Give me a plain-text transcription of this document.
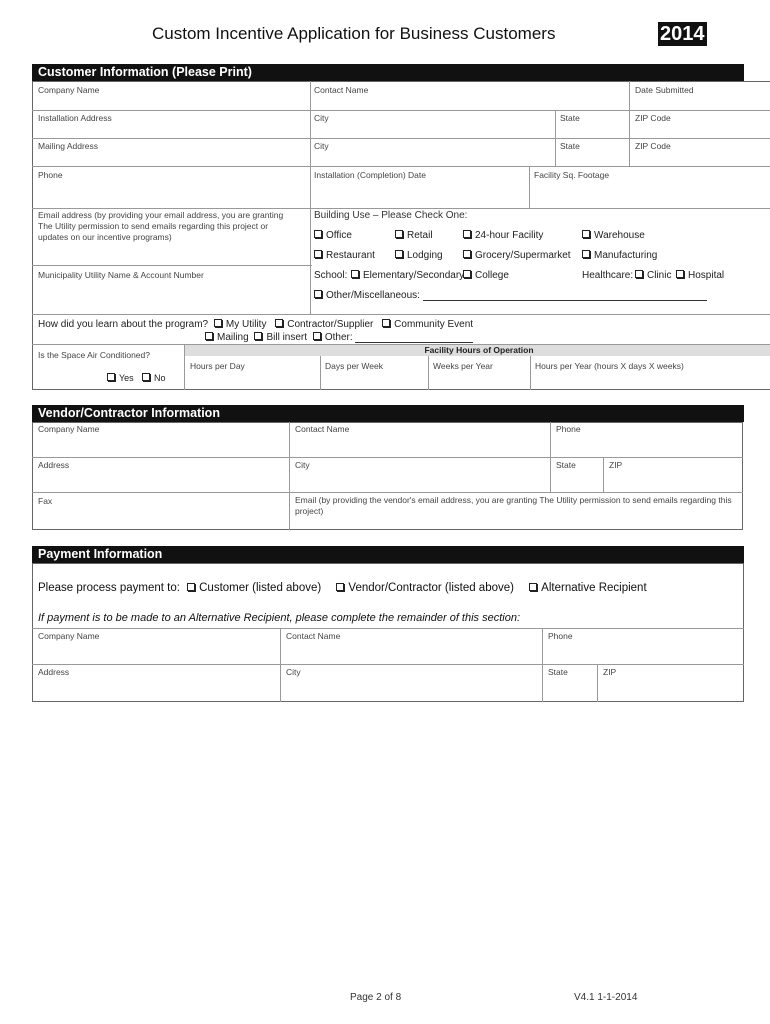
Custom Incentive Application for Business Customers	2014
Customer Information (Please Print)
Company Name	Contact Name	Date Submitted
Installation Address	City	State	ZIP Code
Mailing Address	City	State	ZIP Code
Phone	Installation (Completion) Date	Facility Sq. Footage
Email address (by providing your email address, you are granting The Utility permission to send emails regarding this project or updates on our incentive programs)
Municipality Utility Name & Account Number
Building Use – Please Check One:
Office	Retail	24-hour Facility	Warehouse
Restaurant	Lodging	Grocery/Supermarket	Manufacturing
School:	Elementary/Secondary	College	Healthcare:	Clinic	Hospital
Other/Miscellaneous:
How did you learn about the program? My Utility Contractor/Supplier Community Event
Mailing Bill insert Other:
Is the Space Air Conditioned?
Yes	No
Facility Hours of Operation
Hours per Day	Days per Week	Weeks per Year	Hours per Year (hours X days X weeks)
Vendor/Contractor Information
Company Name	Contact Name	Phone
Address	City	State	ZIP
Fax	Email (by providing the vendor's email address, you are granting The Utility permission to send emails regarding this project)
Payment Information
Please process payment to: Customer (listed above) Vendor/Contractor (listed above) Alternative Recipient
If payment is to be made to an Alternative Recipient, please complete the remainder of this section:
Company Name	Contact Name	Phone
Address	City	State	ZIP
Page 2 of 8	V4.1 1-1-2014
